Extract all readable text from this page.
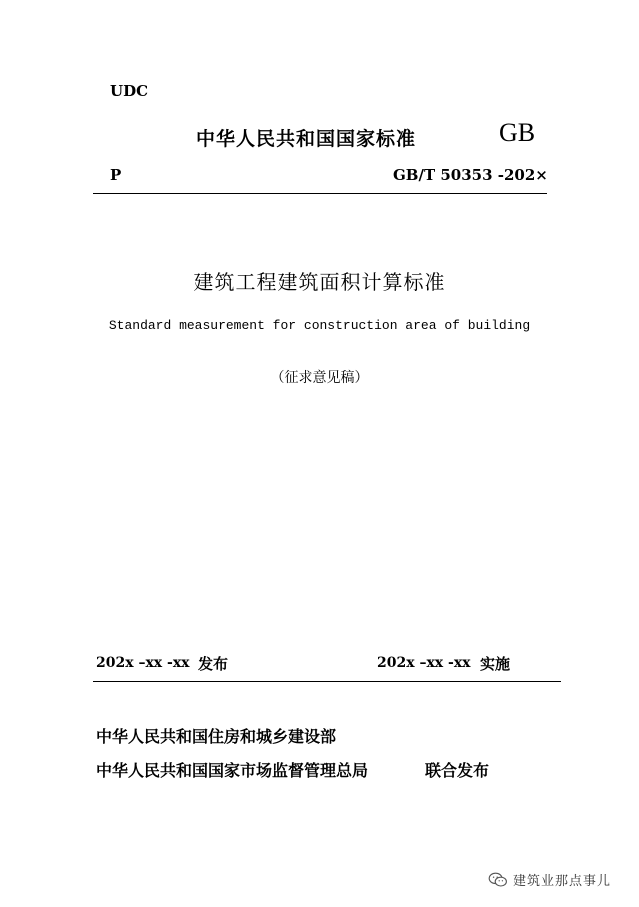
UDC
中华人民共和国国家标准	GB
P	GB/T 50353 -202×
建筑工程建筑面积计算标准
Standard measurement for construction area of building
（征求意见稿）
202x –xx -xx 发布	202x –xx -xx 实施
中华人民共和国住房和城乡建设部
中华人民共和国国家市场监督管理总局	联合发布
建筑业那点事儿
